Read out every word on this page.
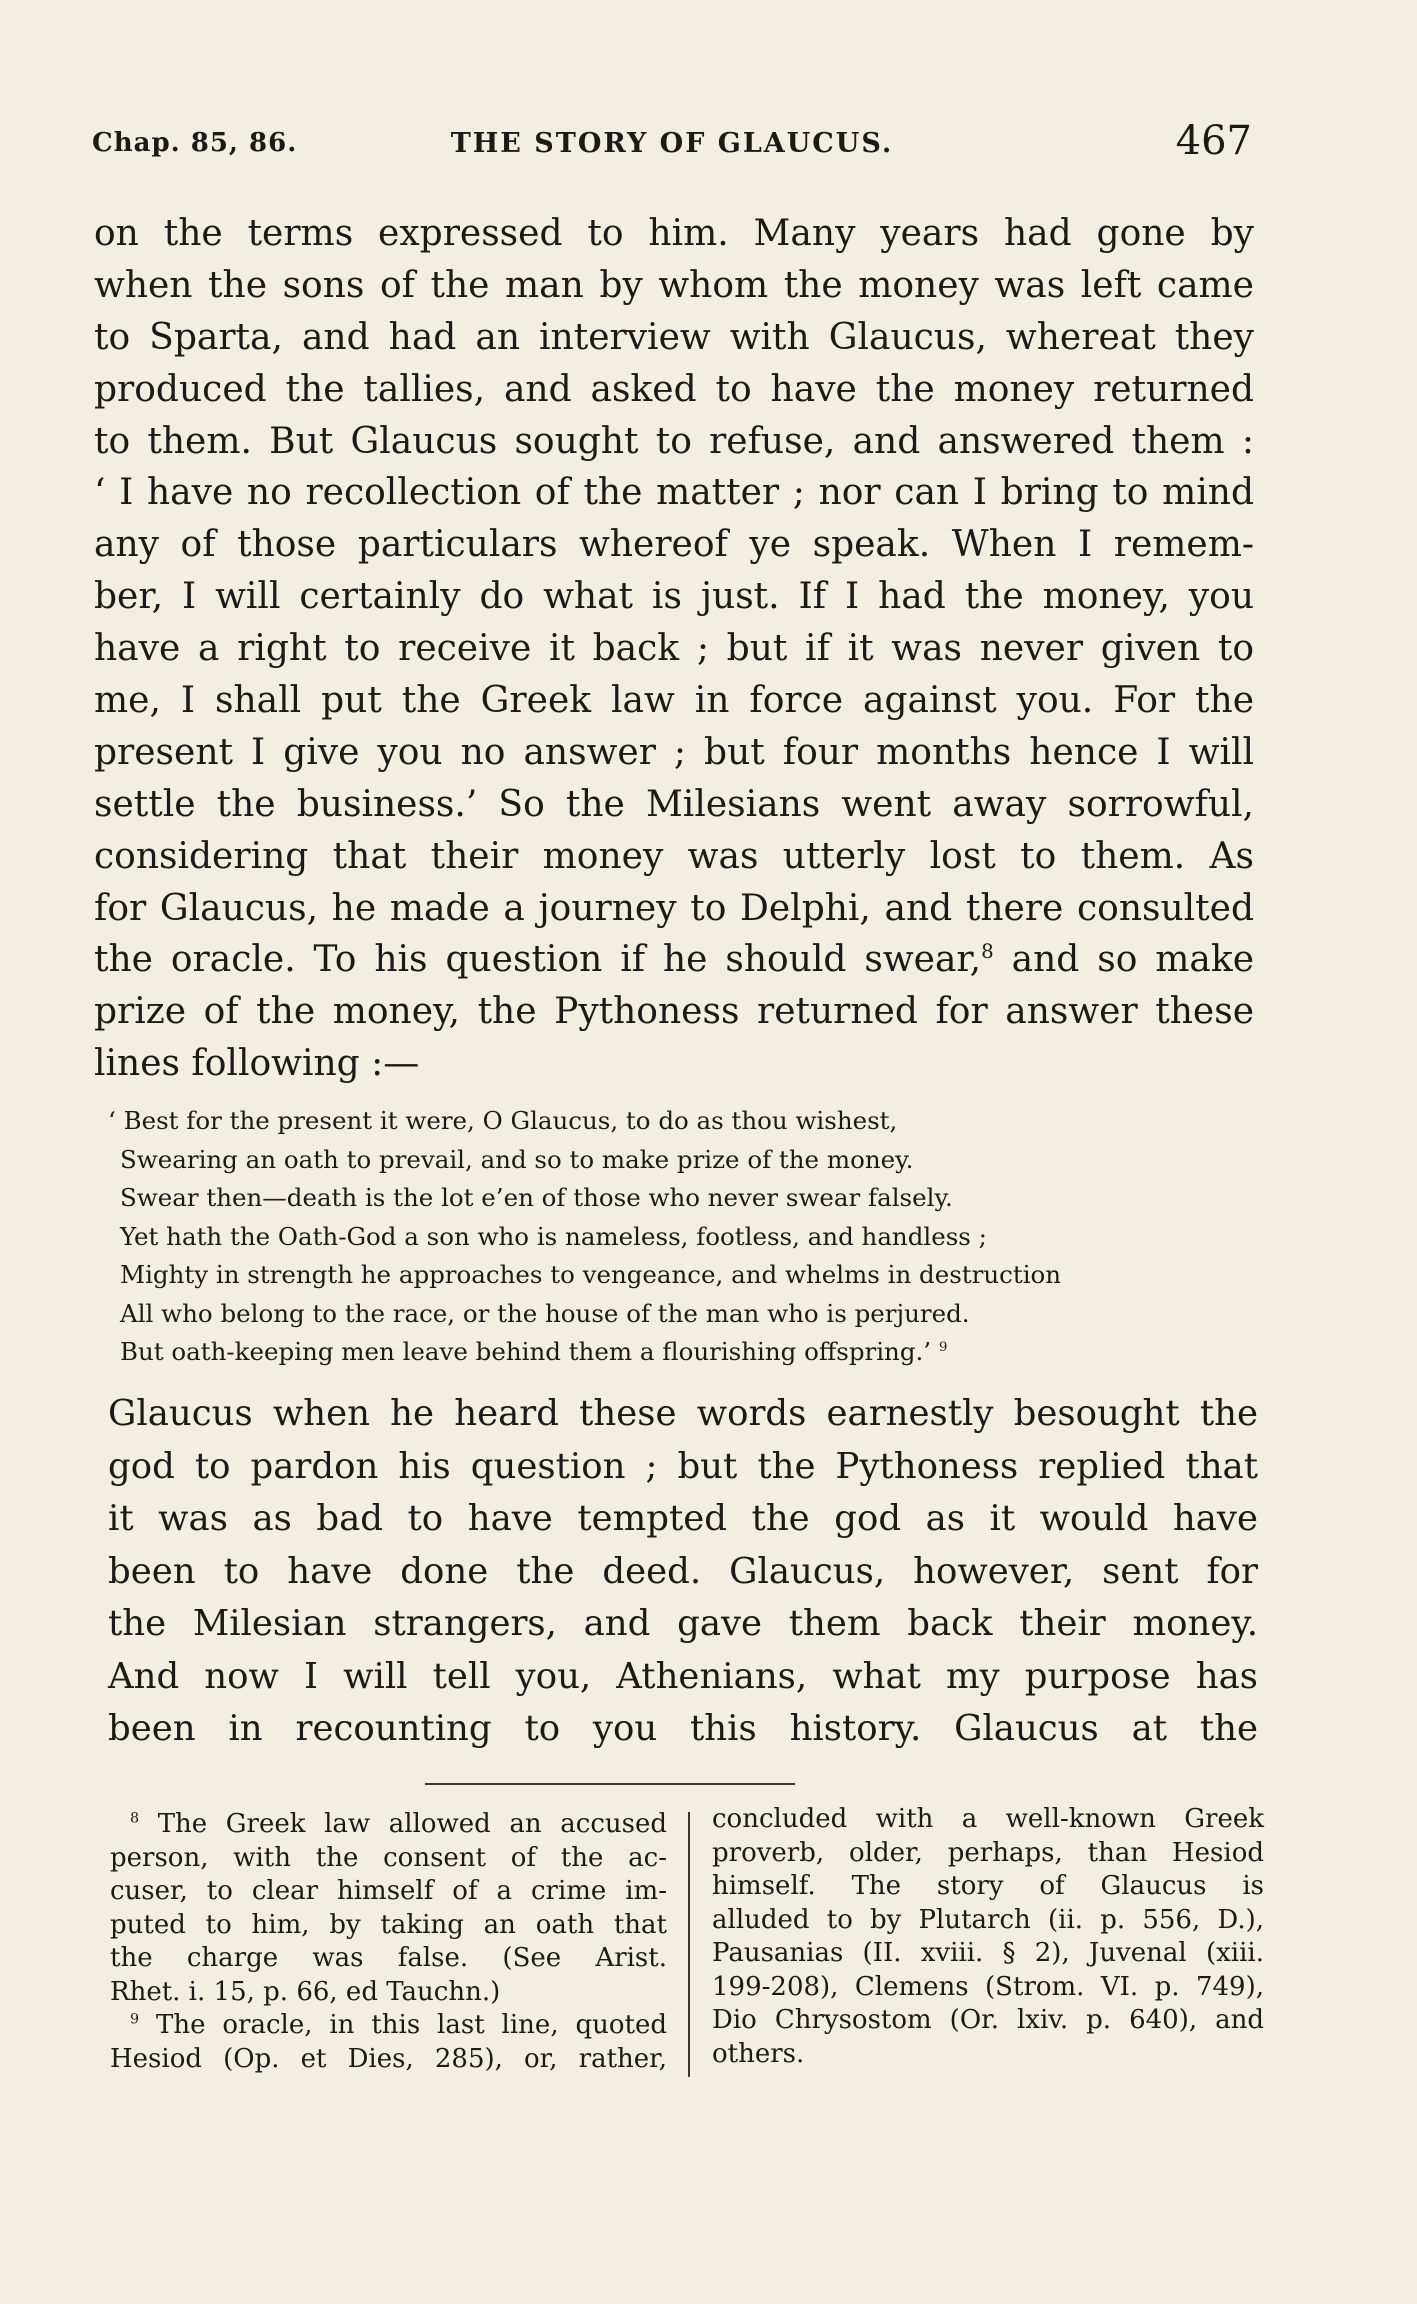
Chap. 85, 86.	THE STORY OF GLAUCUS.	467
on the terms expressed to him. Many years had gone by
when the sons of the man by whom the money was left came
to Sparta, and had an interview with Glaucus, whereat they
produced the tallies, and asked to have the money returned
to them. But Glaucus sought to refuse, and answered them :
‘ I have no recollection of the matter ; nor can I bring to mind
any of those particulars whereof ye speak. When I remem-
ber, I will certainly do what is just. If I had the money, you
have a right to receive it back ; but if it was never given to
me, I shall put the Greek law in force against you. For the
present I give you no answer ; but four months hence I will
settle the business.’ So the Milesians went away sorrowful,
considering that their money was utterly lost to them. As
for Glaucus, he made a journey to Delphi, and there consulted
the oracle. To his question if he should swear,$^8$ and so make
prize of the money, the Pythoness returned for answer these
lines following :—
‘ Best for the present it were, O Glaucus, to do as thou wishest,
Swearing an oath to prevail, and so to make prize of the money.
Swear then—death is the lot e’en of those who never swear falsely.
Yet hath the Oath-God a son who is nameless, footless, and handless ;
Mighty in strength he approaches to vengeance, and whelms in destruction
All who belong to the race, or the house of the man who is perjured.
But oath-keeping men leave behind them a flourishing offspring.’ $^9$
Glaucus when he heard these words earnestly besought the
god to pardon his question ; but the Pythoness replied that
it was as bad to have tempted the god as it would have
been to have done the deed. Glaucus, however, sent for
the Milesian strangers, and gave them back their money.
And now I will tell you, Athenians, what my purpose has
been in recounting to you this history. Glaucus at the
$^8$ The Greek law allowed an accused
person, with the consent of the ac-
cuser, to clear himself of a crime im-
puted to him, by taking an oath that
the charge was false. (See Arist.
Rhet. i. 15, p. 66, ed Tauchn.)
$^9$ The oracle, in this last line, quoted
Hesiod (Op. et Dies, 285), or, rather,
concluded with a well-known Greek
proverb, older, perhaps, than Hesiod
himself. The story of Glaucus is
alluded to by Plutarch (ii. p. 556, D.),
Pausanias (II. xviii. § 2), Juvenal (xiii.
199-208), Clemens (Strom. VI. p. 749),
Dio Chrysostom (Or. lxiv. p. 640), and
others.
